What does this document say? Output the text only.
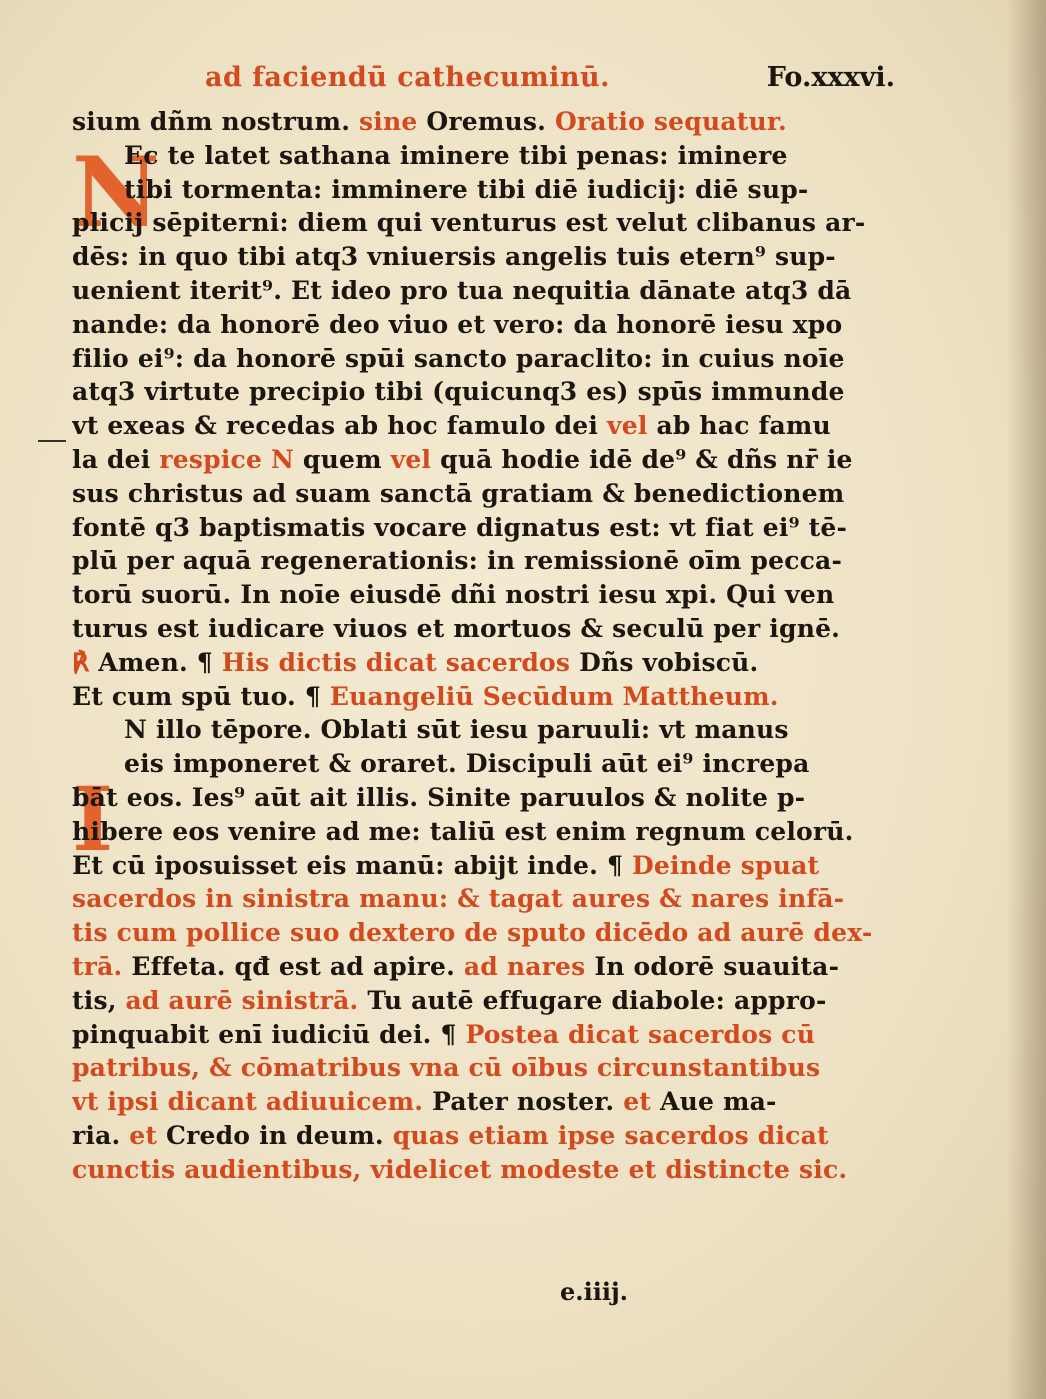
ad faciendū cathecuminū.	Fo.xxxvi.
N
I
sium dñm nostrum. sine Oremus. Oratio sequatur.
Ec te latet sathana iminere tibi penas: iminere
tibi tormenta: imminere tibi diē iudicij: diē sup-
plicij sēpiterni: diem qui venturus est velut clibanus ar-
dēs: in quo tibi atq3 vniuersis angelis tuis etern⁹ sup-
uenient iterit⁹. Et ideo pro tua nequitia dānate atq3 dā
nande: da honorē deo viuo et vero: da honorē iesu xpo
filio ei⁹: da honorē spūi sancto paraclito: in cuius noīe
atq3 virtute precipio tibi (quicunq3 es) spūs immunde
vt exeas & recedas ab hoc famulo dei vel ab hac famu
la dei respice N quem vel quā hodie idē de⁹ & dñs nr̄ ie
sus christus ad suam sanctā gratiam & benedictionem
fontē q3 baptismatis vocare dignatus est: vt fiat ei⁹ tē-
plū per aquā regenerationis: in remissionē oīm pecca-
torū suorū. In noīe eiusdē dñi nostri iesu xpi. Qui ven
turus est iudicare viuos et mortuos & seculū per ignē.
℟ Amen. ¶ His dictis dicat sacerdos Dñs vobiscū.
Et cum spū tuo. ¶ Euangeliū Secūdum Mattheum.
N illo tēpore. Oblati sūt iesu paruuli: vt manus
eis imponeret & oraret. Discipuli aūt ei⁹ increpa
bāt eos. Ies⁹ aūt ait illis. Sinite paruulos & nolite p-
hibere eos venire ad me: taliū est enim regnum celorū.
Et cū iposuisset eis manū: abijt inde. ¶ Deinde spuat
sacerdos in sinistra manu: & tagat aures & nares infā-
tis cum pollice suo dextero de sputo dicēdo ad aurē dex-
trā. Effeta. qđ est ad apire. ad nares In odorē suauita-
tis, ad aurē sinistrā. Tu autē effugare diabole: appro-
pinquabit enī iudiciū dei. ¶ Postea dicat sacerdos cū
patribus, & cōmatribus vna cū oībus circunstantibus
vt ipsi dicant adiuuicem. Pater noster. et Aue ma-
ria. et Credo in deum. quas etiam ipse sacerdos dicat
cunctis audientibus, videlicet modeste et distincte sic.
e.iiij.
